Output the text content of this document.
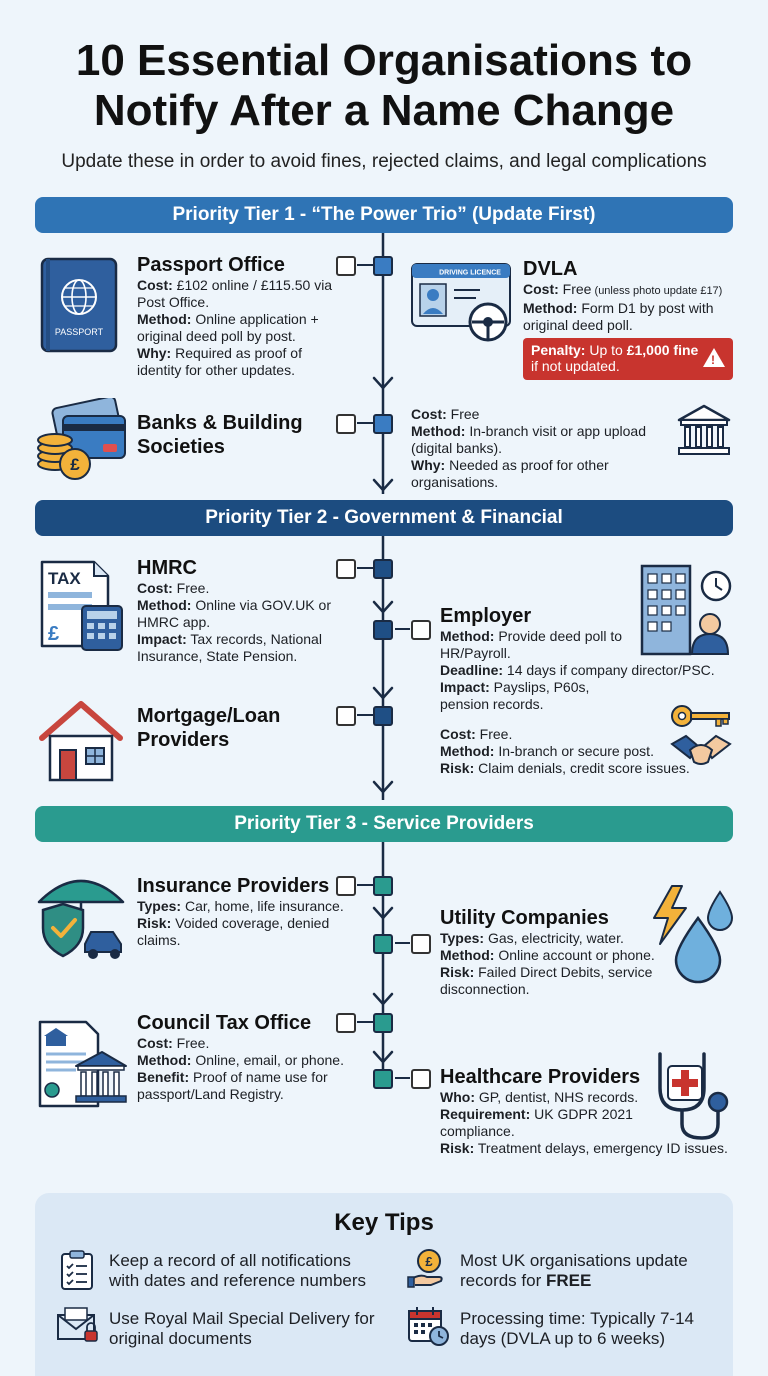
10 Essential Organisations to
Notify After a Name Change
Update these in order to avoid fines, rejected claims, and legal complications
Priority Tier 1 - “The Power Trio” (Update First)
Priority Tier 2 - Government & Financial
Priority Tier 3 - Service Providers
PASSPORT
Passport Office

Cost: £102 online / £115.50 via Post Office.

Method: Online application + original deed poll by post.

Why: Required as proof of identity for other updates.

DRIVING LICENCE DVLA

Cost: Free (unless photo update £17)

Method: Form D1 by post with original deed poll.

Penalty: Up to £1,000 fine
if not updated.
!
£
Banks & Building
Societies

Cost: Free

Method: In-branch visit or app upload (digital banks).

Why: Needed as proof for other organisations.

TAX
£
HMRC

Cost: Free.

Method: Online via GOV.UK or HMRC app.

Impact: Tax records, National Insurance, State Pension.

Employer

Method: Provide deed poll to HR/Payroll.

Deadline: 14 days if company director/PSC.

Impact: Payslips, P60s, pension records.

Mortgage/Loan
Providers	Cost: Free.

Method: In-branch or secure post.

Risk: Claim denials, credit score issues.

Insurance Providers

Types: Car, home, life insurance.

Risk: Voided coverage, denied claims.

Utility Companies

Types: Gas, electricity, water.

Method: Online account or phone.

Risk: Failed Direct Debits, service disconnection.

Council Tax Office

Cost: Free.

Method: Online, email, or phone.

Benefit: Proof of name use for passport/Land Registry.

Healthcare Providers

Who: GP, dentist, NHS records.

Requirement: UK GDPR 2021 compliance.

Risk: Treatment delays, emergency ID issues.

Key Tips
Keep a record of all notifications with dates and reference numbers
£ Most UK organisations update records for FREE
Use Royal Mail Special Delivery for original documents
Processing time: Typically 7-14 days (DVLA up to 6 weeks)
